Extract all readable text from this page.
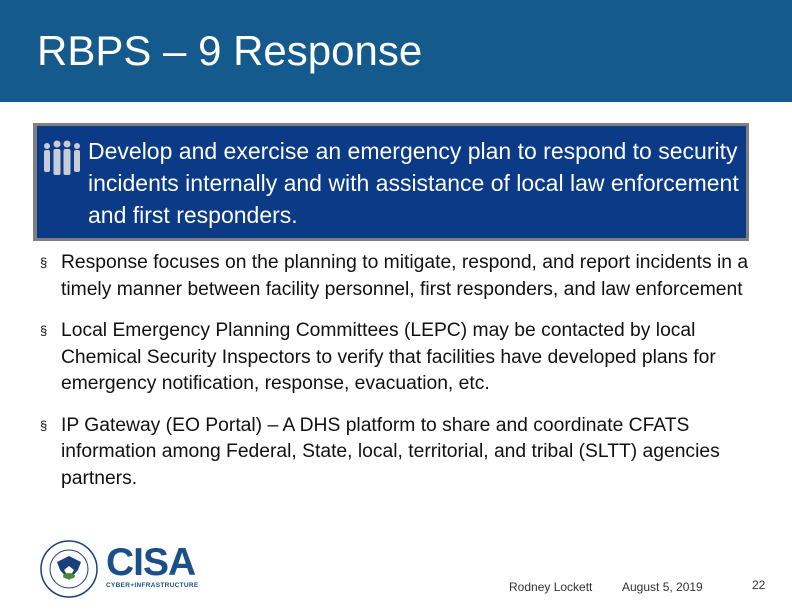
RBPS – 9 Response
Develop and exercise an emergency plan to respond to security incidents internally and with assistance of local law enforcement and first responders.
§ Response focuses on the planning to mitigate, respond, and report incidents in a timely manner between facility personnel, first responders, and law enforcement
§ Local Emergency Planning Committees (LEPC) may be contacted by local Chemical Security Inspectors to verify that facilities have developed plans for emergency notification, response, evacuation, etc.
§ IP Gateway (EO Portal) – A DHS platform to share and coordinate CFATS information among Federal, State, local, territorial, and tribal (SLTT) agencies partners.
CISA
CYBER+INFRASTRUCTURE	Rodney Lockett August 5, 2019	22
